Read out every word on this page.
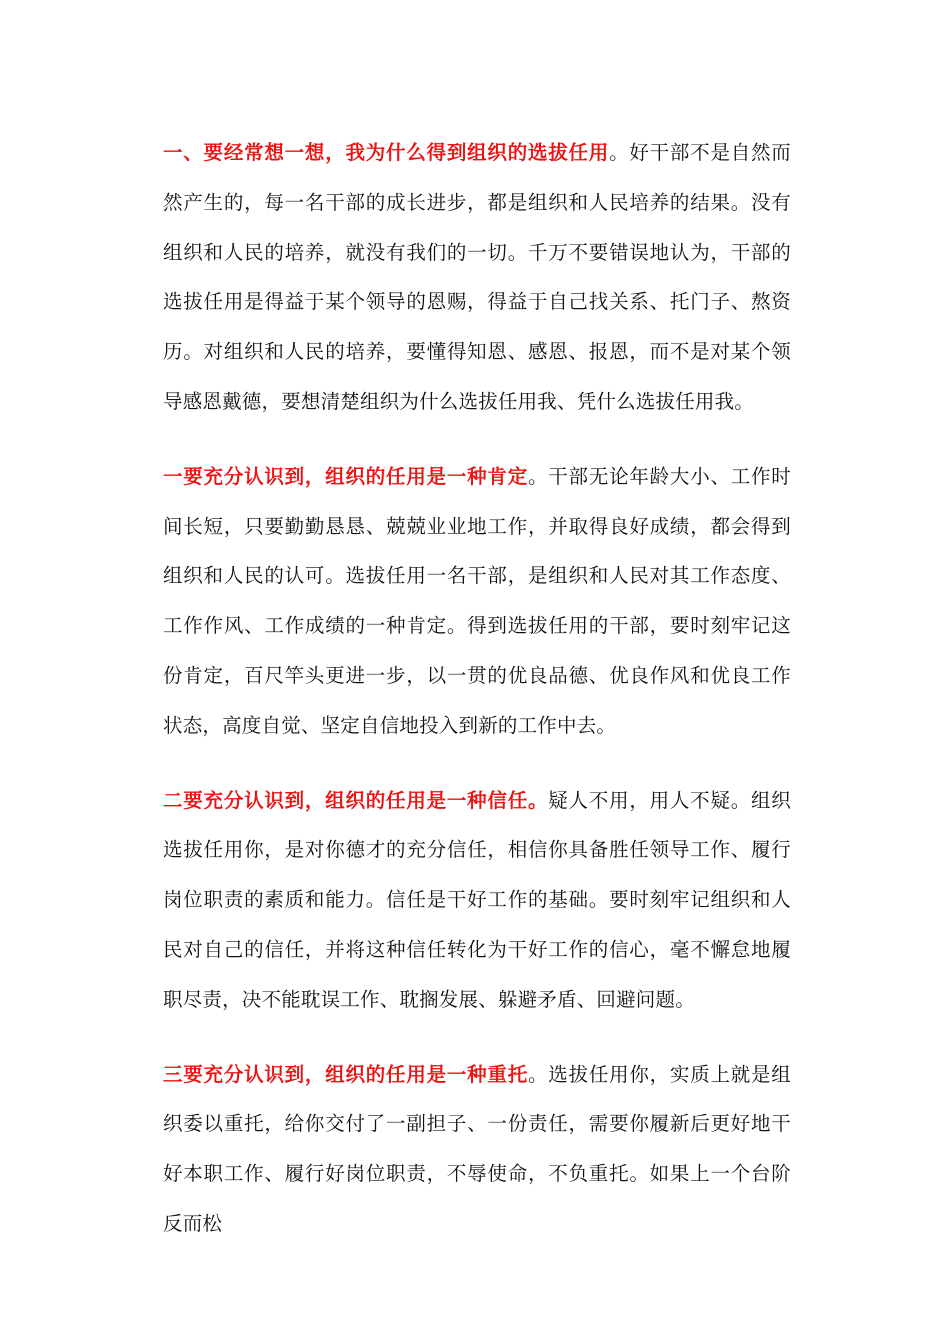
一、要经常想一想，我为什么得到组织的选拔任用。好干部不是自然而然产生的，每一名干部的成长进步，都是组织和人民培养的结果。没有组织和人民的培养，就没有我们的一切。千万不要错误地认为，干部的选拔任用是得益于某个领导的恩赐，得益于自己找关系、托门子、熬资历。对组织和人民的培养，要懂得知恩、感恩、报恩，而不是对某个领导感恩戴德，要想清楚组织为什么选拔任用我、凭什么选拔任用我。

一要充分认识到，组织的任用是一种肯定。干部无论年龄大小、工作时间长短，只要勤勤恳恳、兢兢业业地工作，并取得良好成绩，都会得到组织和人民的认可。选拔任用一名干部，是组织和人民对其工作态度、工作作风、工作成绩的一种肯定。得到选拔任用的干部，要时刻牢记这份肯定，百尺竿头更进一步，以一贯的优良品德、优良作风和优良工作状态，高度自觉、坚定自信地投入到新的工作中去。

二要充分认识到，组织的任用是一种信任。疑人不用，用人不疑。组织选拔任用你，是对你德才的充分信任，相信你具备胜任领导工作、履行岗位职责的素质和能力。信任是干好工作的基础。要时刻牢记组织和人民对自己的信任，并将这种信任转化为干好工作的信心，毫不懈怠地履职尽责，决不能耽误工作、耽搁发展、躲避矛盾、回避问题。

三要充分认识到，组织的任用是一种重托。选拔任用你，实质上就是组织委以重托，给你交付了一副担子、一份责任，需要你履新后更好地干好本职工作、履行好岗位职责，不辱使命，不负重托。如果上一个台阶反而松
